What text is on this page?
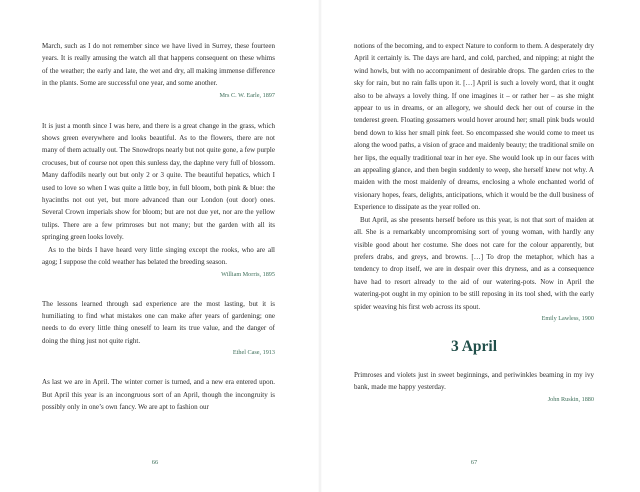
March, such as I do not remember since we have lived in Surrey, these fourteen years. It is really amusing the watch all that happens consequent on these whims of the weather; the early and late, the wet and dry, all making immense difference in the plants. Some are successful one year, and some another.

Mrs C. W. Earle, 1897

It is just a month since I was here, and there is a great change in the grass, which shows green everywhere and looks beautiful. As to the flowers, there are not many of them actually out. The Snowdrops nearly but not quite gone, a few purple crocuses, but of course not open this sunless day, the daphne very full of blossom. Many daffodils nearly out but only 2 or 3 quite. The beautiful hepatics, which I used to love so when I was quite a little boy, in full bloom, both pink & blue: the hyacinths not out yet, but more advanced than our London (out door) ones. Several Crown imperials show for bloom; but are not due yet, nor are the yellow tulips. There are a few primroses but not many; but the garden with all its springing green looks lovely.

As to the birds I have heard very little singing except the rooks, who are all agog; I suppose the cold weather has belated the breeding season.

William Morris, 1895

The lessons learned through sad experience are the most lasting, but it is humiliating to find what mistakes one can make after years of gardening; one needs to do every little thing oneself to learn its true value, and the danger of doing the thing just not quite right.

Ethel Case, 1913

As last we are in April. The winter corner is turned, and a new era entered upon. But April this year is an incongruous sort of an April, though the incongruity is possibly only in one’s own fancy. We are apt to fashion our

66

notions of the becoming, and to expect Nature to conform to them. A desperately dry April it certainly is. The days are hard, and cold, parched, and nipping; at night the wind howls, but with no accompaniment of desirable drops. The garden cries to the sky for rain, but no rain falls upon it. […] April is such a lovely word, that it ought also to be always a lovely thing. If one imagines it – or rather her – as she might appear to us in dreams, or an allegory, we should deck her out of course in the tenderest green. Floating gossamers would hover around her; small pink buds would bend down to kiss her small pink feet. So encompassed she would come to meet us along the wood paths, a vision of grace and maidenly beauty; the traditional smile on her lips, the equally traditional tear in her eye. She would look up in our faces with an appealing glance, and then begin suddenly to weep, she herself knew not why. A maiden with the most maidenly of dreams, enclosing a whole enchanted world of visionary hopes, fears, delights, anticipations, which it would be the dull business of Experience to dissipate as the year rolled on.

But April, as she presents herself before us this year, is not that sort of maiden at all. She is a remarkably uncompromising sort of young woman, with hardly any visible good about her costume. She does not care for the colour apparently, but prefers drabs, and greys, and browns. […] To drop the metaphor, which has a tendency to drop itself, we are in despair over this dryness, and as a consequence have had to resort already to the aid of our watering-pots. Now in April the watering-pot ought in my opinion to be still reposing in its tool shed, with the early spider weaving his first web across its spout.

Emily Lawless, 1900

3 April

Primroses and violets just in sweet beginnings, and periwinkles beaming in my ivy bank, made me happy yesterday.

John Ruskin, 1880

67
